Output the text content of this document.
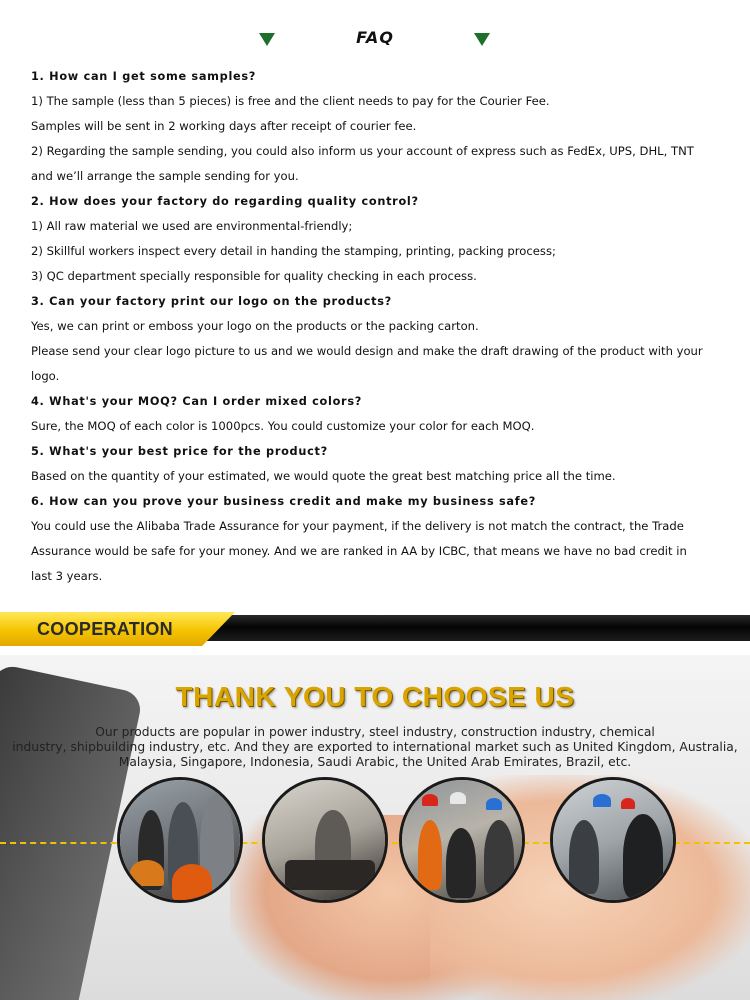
FAQ
1. How can I get some samples?
1) The sample (less than 5 pieces) is free and the client needs to pay for the Courier Fee.
Samples will be sent in 2 working days after receipt of courier fee.
2) Regarding the sample sending, you could also inform us your account of express such as FedEx, UPS, DHL, TNT
and we’ll arrange the sample sending for you.
2. How does your factory do regarding quality control?
1) All raw material we used are environmental-friendly;
2) Skillful workers inspect every detail in handing the stamping, printing, packing process;
3) QC department specially responsible for quality checking in each process.
3. Can your factory print our logo on the products?
Yes, we can print or emboss your logo on the products or the packing carton.
Please send your clear logo picture to us and we would design and make the draft drawing of the product with your
logo.
4. What's your MOQ? Can I order mixed colors?
Sure, the MOQ of each color is 1000pcs. You could customize your color for each MOQ.
5. What's your best price for the product?
Based on the quantity of your estimated, we would quote the great best matching price all the time.
6. How can you prove your business credit and make my business safe?
You could use the Alibaba Trade Assurance for your payment, if the delivery is not match the contract, the Trade
Assurance would be safe for your money. And we are ranked in AA by ICBC, that means we have no bad credit in
last 3 years.
COOPERATION
THANK YOU TO CHOOSE US
Our products are popular in power industry, steel industry, construction industry, chemical
industry, shipbuilding industry, etc. And they are exported to international market such as United Kingdom, Australia,
Malaysia, Singapore, Indonesia, Saudi Arabic, the United Arab Emirates, Brazil, etc.
